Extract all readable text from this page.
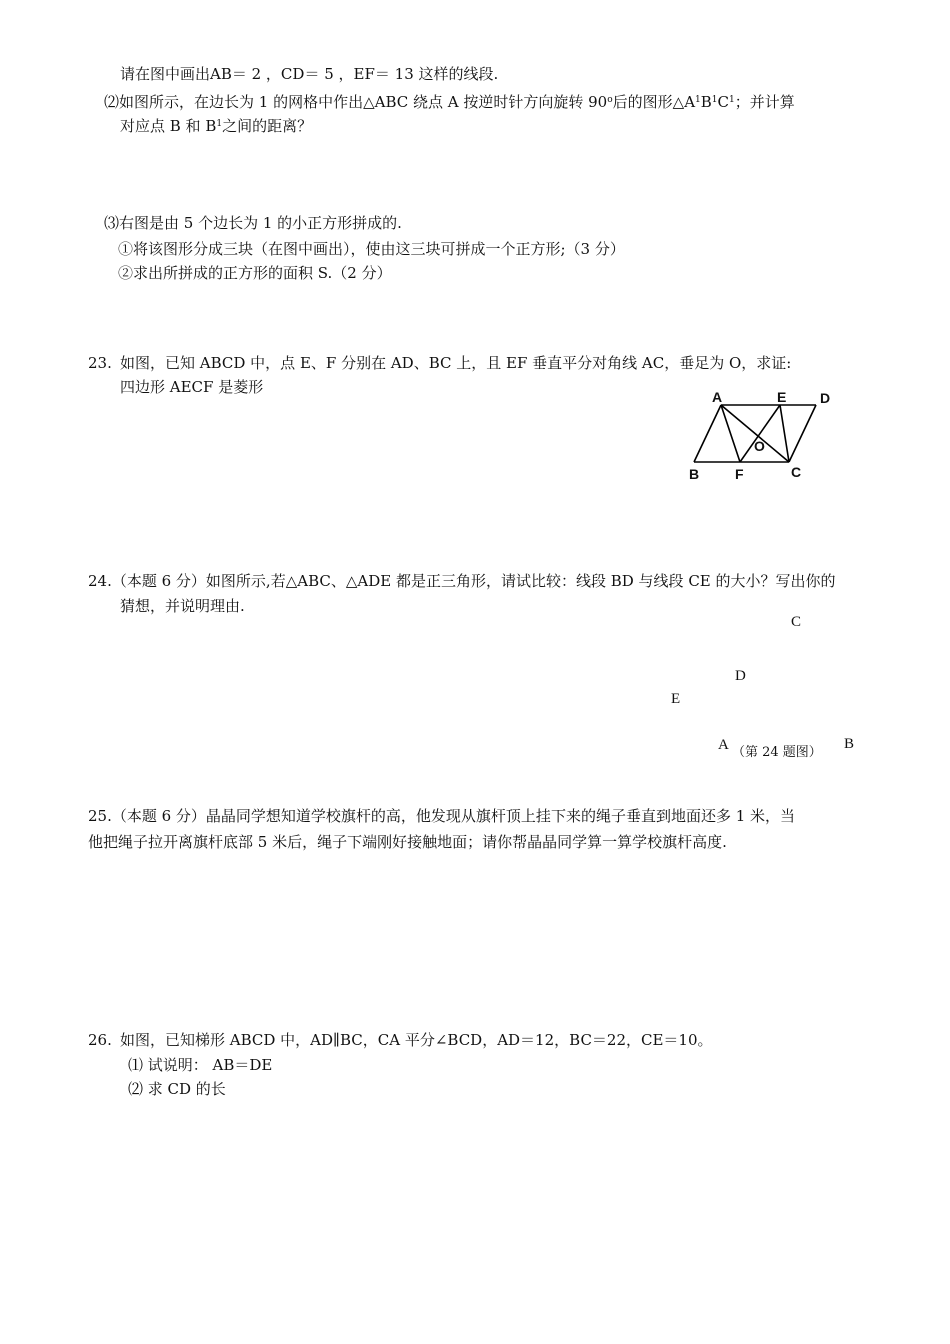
请在图中画出AB＝ 2 ，CD＝ 5 ，EF＝ 13 这样的线段.
⑵如图所示，在边长为 1 的网格中作出△ABC 绕点 A 按逆时针方向旋转 90$^o$后的图形$\triangle A^1B^1C^1$；并计算
对应点 B 和 $B^1$之间的距离？
⑶右图是由 5 个边长为 1 的小正方形拼成的.
①将该图形分成三块（在图中画出），使由这三块可拼成一个正方形;（3 分）
②求出所拼成的正方形的面积 S.（2 分）
23. 如图，已知 ABCD 中，点 E、F 分别在 AD、BC 上，且 EF 垂直平分对角线 AC，垂足为 O，求证:
四边形 AECF 是菱形
A	E D
O
B	F	C
24.（本题 6 分）如图所示,若△ABC、△ADE 都是正三角形，请试比较：线段 BD 与线段 CE 的大小？写出你的
猜想，并说明理由.
C
D
E
A （第 24 题图）
B
25.（本题 6 分）晶晶同学想知道学校旗杆的高，他发现从旗杆顶上挂下来的绳子垂直到地面还多 1 米，当
他把绳子拉开离旗杆底部 5 米后，绳子下端刚好接触地面；请你帮晶晶同学算一算学校旗杆高度.
26. 如图，已知梯形 ABCD 中，AD∥BC，CA 平分∠BCD，AD＝12，BC＝22，CE＝10。
⑴ 试说明： AB＝DE
⑵ 求 CD 的长
